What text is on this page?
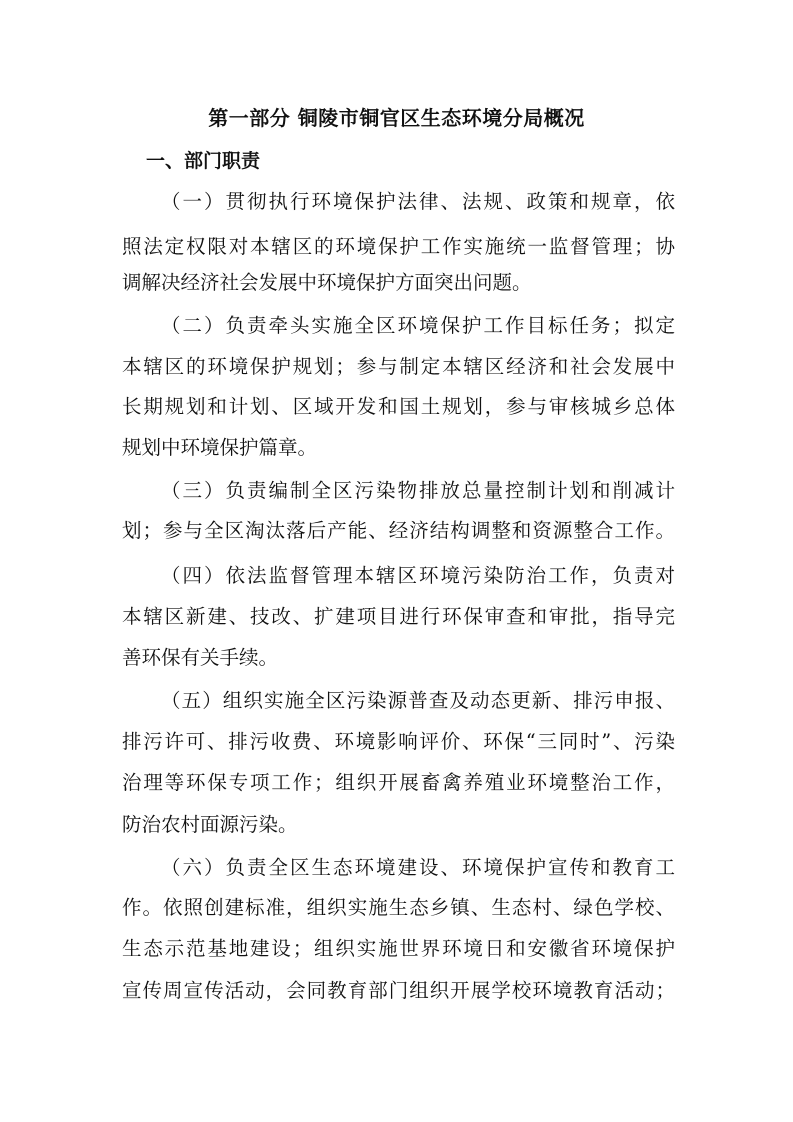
第一部分 铜陵市铜官区生态环境分局概况
一、部门职责
（一）贯彻执行环境保护法律、法规、政策和规章，依
照法定权限对本辖区的环境保护工作实施统一监督管理；协
调解决经济社会发展中环境保护方面突出问题。
（二）负责牵头实施全区环境保护工作目标任务；拟定
本辖区的环境保护规划；参与制定本辖区经济和社会发展中
长期规划和计划、区域开发和国土规划，参与审核城乡总体
规划中环境保护篇章。
（三）负责编制全区污染物排放总量控制计划和削减计
划；参与全区淘汰落后产能、经济结构调整和资源整合工作。
（四）依法监督管理本辖区环境污染防治工作，负责对
本辖区新建、技改、扩建项目进行环保审查和审批，指导完
善环保有关手续。
（五）组织实施全区污染源普查及动态更新、排污申报、
排污许可、排污收费、环境影响评价、环保“三同时”、污染
治理等环保专项工作；组织开展畜禽养殖业环境整治工作，
防治农村面源污染。
（六）负责全区生态环境建设、环境保护宣传和教育工
作。依照创建标准，组织实施生态乡镇、生态村、绿色学校、
生态示范基地建设；组织实施世界环境日和安徽省环境保护
宣传周宣传活动，会同教育部门组织开展学校环境教育活动；
